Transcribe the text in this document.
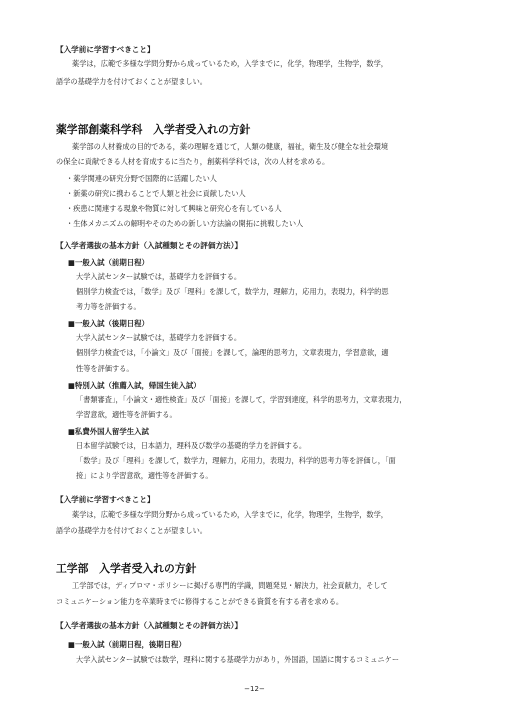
【入学前に学習すべきこと】
薬学は，広範で多様な学問分野から成っているため，入学までに，化学，物理学，生物学，数学，
語学の基礎学力を付けておくことが望ましい。
薬学部創薬科学科　入学者受入れの方針
薬学部の人材養成の目的である，薬の理解を通じて，人類の健康，福祉，衛生及び健全な社会環境
の保全に貢献できる人材を育成するに当たり，創薬科学科では，次の人材を求める。
・薬学関連の研究分野で国際的に活躍したい人
・新薬の研究に携わることで人類と社会に貢献したい人
・疾患に関連する現象や物質に対して興味と研究心を有している人
・生体メカニズムの解明やそのための新しい方法論の開拓に挑戦したい人
【入学者選抜の基本方針（入試種類とその評価方法）】
■一般入試（前期日程）
大学入試センター試験では，基礎学力を評価する。
個別学力検査では，「数学」及び「理科」を課して，数学力，理解力，応用力，表現力，科学的思
考力等を評価する。
■一般入試（後期日程）
大学入試センター試験では，基礎学力を評価する。
個別学力検査では，「小論文」及び「面接」を課して，論理的思考力，文章表現力，学習意欲，適
性等を評価する。
■特別入試（推薦入試，帰国生徒入試）
「書類審査」，「小論文・適性検査」及び「面接」を課して，学習到達度，科学的思考力，文章表現力，
学習意欲，適性等を評価する。
■私費外国人留学生入試
日本留学試験では，日本語力，理科及び数学の基礎的学力を評価する。
「数学」及び「理科」を課して，数学力，理解力，応用力，表現力，科学的思考力等を評価し，「面
接」により学習意欲，適性等を評価する。
【入学前に学習すべきこと】
薬学は，広範で多様な学問分野から成っているため，入学までに，化学，物理学，生物学，数学，
語学の基礎学力を付けておくことが望ましい。
工学部　入学者受入れの方針
工学部では，ディプロマ・ポリシーに掲げる専門的学識，問題発見・解決力，社会貢献力，そして
コミュニケーション能力を卒業時までに修得することができる資質を有する者を求める。
【入学者選抜の基本方針（入試種類とその評価方法）】
■一般入試（前期日程，後期日程）
大学入試センター試験では数学，理科に関する基礎学力があり，外国語，国語に関するコミュニケー
−12−
